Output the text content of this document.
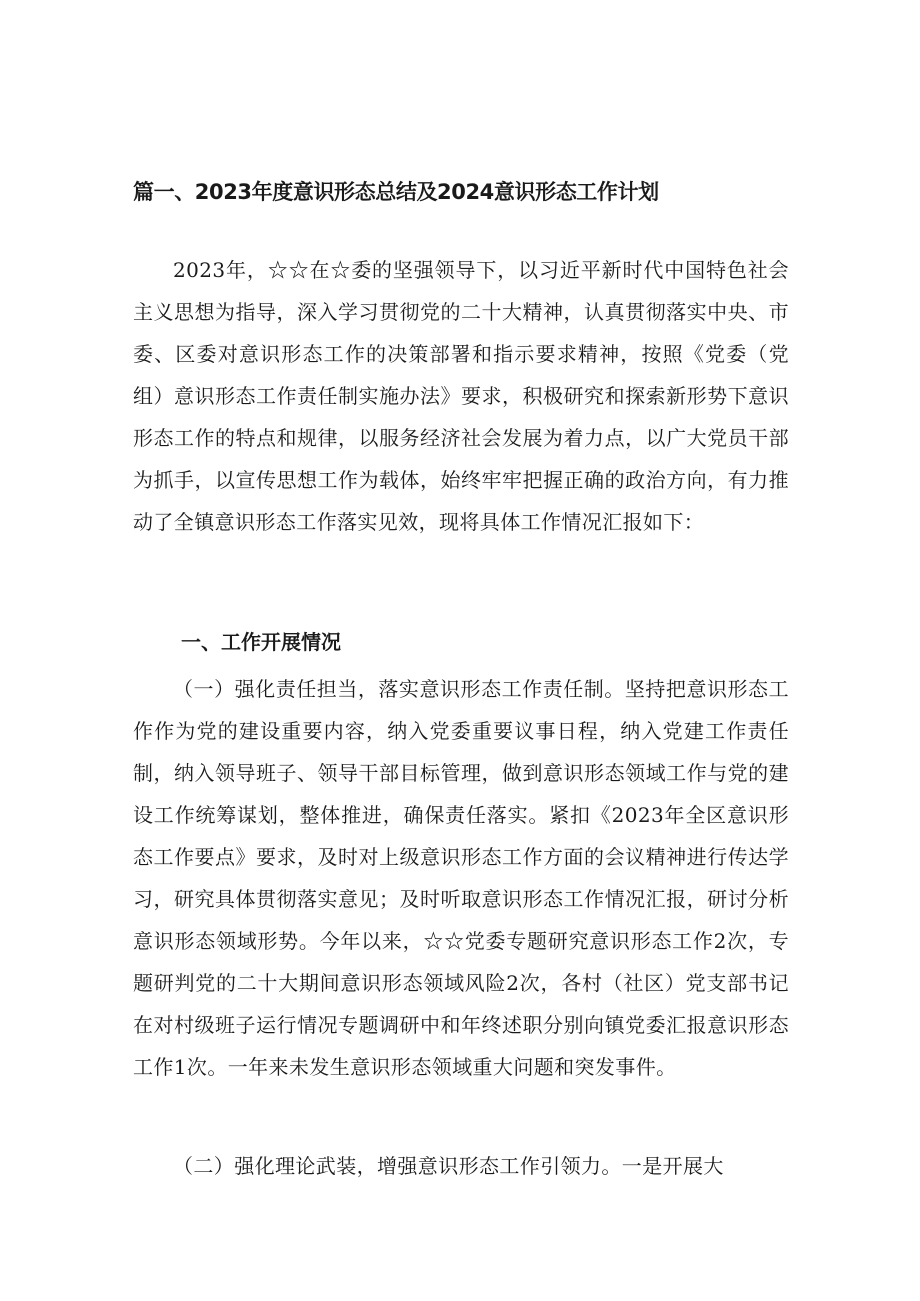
篇一、2023年度意识形态总结及2024意识形态工作计划

2023年，☆☆在☆委的坚强领导下，以习近平新时代中国特色社会主义思想为指导，深入学习贯彻党的二十大精神，认真贯彻落实中央、市委、区委对意识形态工作的决策部署和指示要求精神，按照《党委（党组）意识形态工作责任制实施办法》要求，积极研究和探索新形势下意识形态工作的特点和规律，以服务经济社会发展为着力点，以广大党员干部为抓手，以宣传思想工作为载体，始终牢牢把握正确的政治方向，有力推动了全镇意识形态工作落实见效，现将具体工作情况汇报如下：

一、工作开展情况

（一）强化责任担当，落实意识形态工作责任制。坚持把意识形态工作作为党的建设重要内容，纳入党委重要议事日程，纳入党建工作责任制，纳入领导班子、领导干部目标管理，做到意识形态领域工作与党的建设工作统筹谋划，整体推进，确保责任落实。紧扣《2023年全区意识形态工作要点》要求，及时对上级意识形态工作方面的会议精神进行传达学习，研究具体贯彻落实意见；及时听取意识形态工作情况汇报，研讨分析意识形态领域形势。今年以来，☆☆党委专题研究意识形态工作2次，专题研判党的二十大期间意识形态领域风险2次，各村（社区）党支部书记在对村级班子运行情况专题调研中和年终述职分别向镇党委汇报意识形态工作1次。一年来未发生意识形态领域重大问题和突发事件。

（二）强化理论武装，增强意识形态工作引领力。一是开展大
